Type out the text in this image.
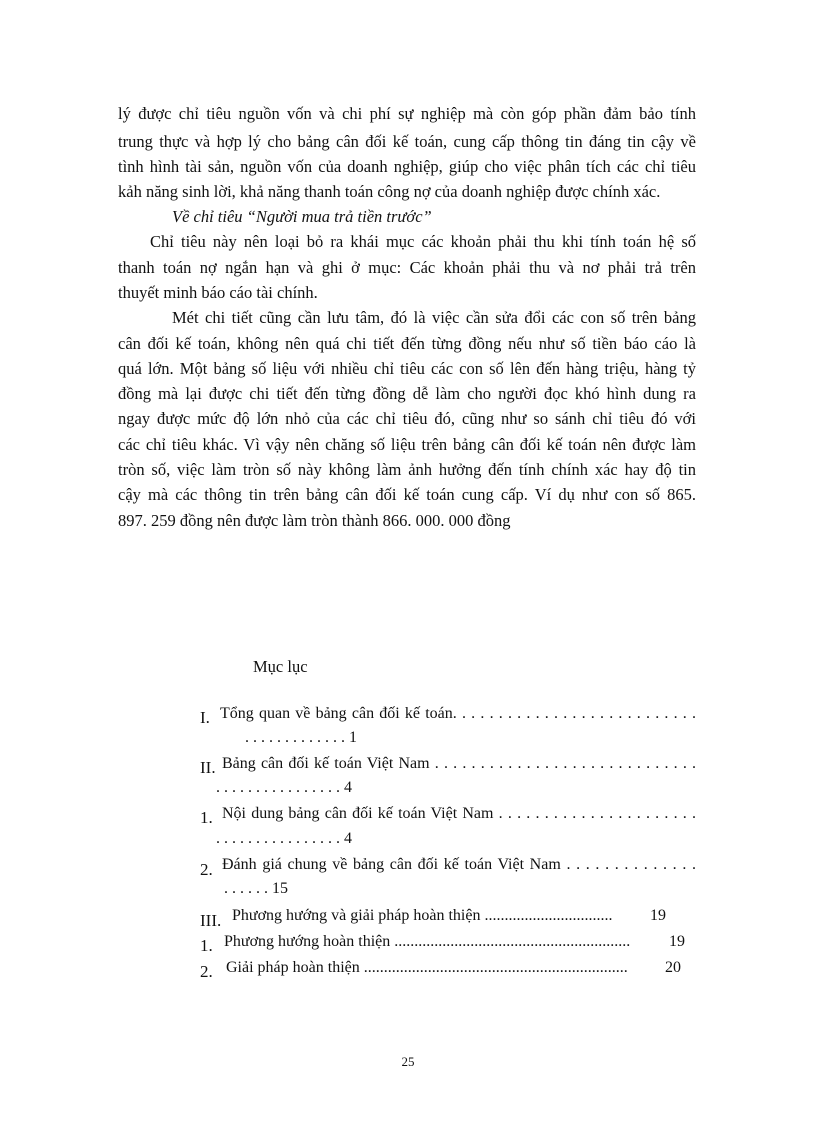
lý được chỉ tiêu nguồn vốn và chi phí sự nghiệp mà còn góp phần đảm bảo tính
trung thực và hợp lý cho bảng cân đối kế toán, cung cấp thông tin đáng tin cậy về
tình hình tài sản, nguồn vốn của doanh nghiệp, giúp cho việc phân tích các chỉ tiêu
kảh năng sinh lời, khả năng thanh toán công nợ của doanh nghiệp được chính xác.
Về chỉ tiêu “Người mua trả tiền trước”
Chỉ tiêu này nên loại bỏ ra khái mục các khoản phải thu khi tính toán hệ số
thanh toán nợ ngắn hạn và ghi ở mục: Các khoản phải thu và nơ phải trả trên
thuyết minh báo cáo tài chính.
Mét chi tiết cũng cần lưu tâm, đó là việc cần sửa đổi các con số trên bảng
cân đối kế toán, không nên quá chi tiết đến từng đồng nếu như số tiền báo cáo là
quá lớn. Một bảng số liệu với nhiều chỉ tiêu các con số lên đến hàng triệu, hàng tỷ
đồng mà lại được chi tiết đến từng đồng dễ làm cho người đọc khó hình dung ra
ngay được mức độ lớn nhỏ của các chỉ tiêu đó, cũng như so sánh chỉ tiêu đó với
các chỉ tiêu khác. Vì vậy nên chăng số liệu trên bảng cân đối kế toán nên được làm
tròn số, việc làm tròn số này không làm ảnh hưởng đến tính chính xác hay độ tin
cậy mà các thông tin trên bảng cân đối kế toán cung cấp. Ví dụ như con số 865.
897. 259 đồng nên được làm tròn thành 866. 000. 000 đồng
Mục lục
I. Tổng quan về bảng cân đối kế toán. . . . . . . . . . . . . . . . . . . . . . . . . . .
. . . . . . . . . . . . . 1
II. Bảng cân đối kế toán Việt Nam . . . . . . . . . . . . . . . . . . . . . . . . . . . . .
. . . . . . . . . . . . . . . . 4
1. Nội dung bảng cân đối kế toán Việt Nam . . . . . . . . . . . . . . . . . . . . . .
. . . . . . . . . . . . . . . . 4
2. Đánh giá chung về bảng cân đối kế toán Việt Nam . . . . . . . . . . . . . .
. . . . . . 15
III. Phương hướng và giải pháp hoàn thiện ................................ 19
1. Phương hướng hoàn thiện ........................................................... 19
2. Giải pháp hoàn thiện .................................................................. 20
25
